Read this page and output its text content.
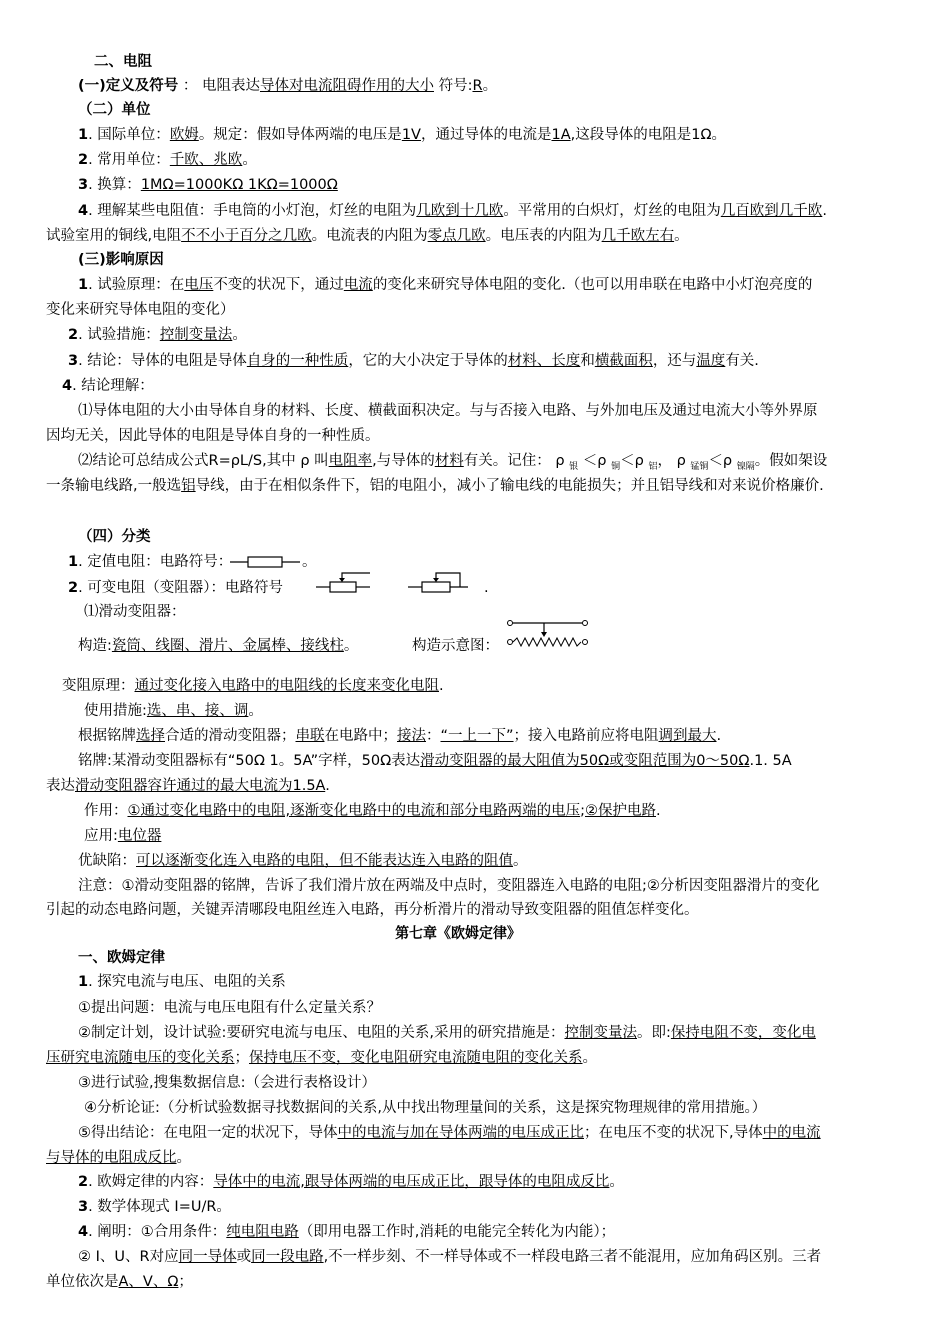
二、电阻
(一)定义及符号 ： 电阻表达导体对电流阻碍作用的大小 符号:R。
（二）单位
1. 国际单位：欧姆。规定：假如导体两端的电压是1V，通过导体的电流是1A,这段导体的电阻是1Ω。
2. 常用单位：千欧、兆欧。
3. 换算：1MΩ=1000KΩ 1KΩ=1000Ω
4. 理解某些电阻值：手电筒的小灯泡，灯丝的电阻为几欧到十几欧。平常用的白炽灯，灯丝的电阻为几百欧到几千欧.
试验室用的铜线,电阻不不小于百分之几欧。电流表的内阻为零点几欧。电压表的内阻为几千欧左右。
(三)影响原因
1. 试验原理：在电压不变的状况下，通过电流的变化来研究导体电阻的变化.（也可以用串联在电路中小灯泡亮度的
变化来研究导体电阻的变化）
2. 试验措施：控制变量法。
3. 结论：导体的电阻是导体自身的一种性质，它的大小决定于导体的材料、长度和横截面积，还与温度有关.
4. 结论理解：
⑴导体电阻的大小由导体自身的材料、长度、横截面积决定。与与否接入电路、与外加电压及通过电流大小等外界原
因均无关，因此导体的电阻是导体自身的一种性质。
⑵结论可总结成公式R=ρL/S,其中 ρ 叫电阻率,与导体的材料有关。记住： ρ $_银$ ＜ρ $_铜$＜ρ $_铝$， ρ $_{锰铜}$＜ρ $_{镍隔}$。假如架设
一条输电线路,一般选铝导线，由于在相似条件下，铝的电阻小，减小了输电线的电能损失；并且铝导线和对来说价格廉价.
（四）分类
1. 定值电阻：电路符号：	。
2. 可变电阻（变阻器）：电路符号	.
⑴滑动变阻器：
构造:瓷筒、线圈、滑片、金属棒、接线柱。	构造示意图：
变阻原理：通过变化接入电路中的电阻线的长度来变化电阻.
使用措施:选、串、接、调。
根据铭牌选择合适的滑动变阻器；串联在电路中；接法：“一上一下”；接入电路前应将电阻调到最大.
铭牌:某滑动变阻器标有“50Ω 1。5A”字样，50Ω表达滑动变阻器的最大阻值为50Ω或变阻范围为0～50Ω.1. 5A
表达滑动变阻器容许通过的最大电流为1.5A.
作用：①通过变化电路中的电阻,逐渐变化电路中的电流和部分电路两端的电压;②保护电路.
应用:电位器
优缺陷：可以逐渐变化连入电路的电阻，但不能表达连入电路的阻值。
注意：①滑动变阻器的铭牌，告诉了我们滑片放在两端及中点时，变阻器连入电路的电阻;②分析因变阻器滑片的变化
引起的动态电路问题，关键弄清哪段电阻丝连入电路，再分析滑片的滑动导致变阻器的阻值怎样变化。
第七章《欧姆定律》
一、欧姆定律
1. 探究电流与电压、电阻的关系
①提出问题：电流与电压电阻有什么定量关系？
②制定计划，设计试验:要研究电流与电压、电阻的关系,采用的研究措施是：控制变量法。即:保持电阻不变，变化电
压研究电流随电压的变化关系；保持电压不变，变化电阻研究电流随电阻的变化关系。
③进行试验,搜集数据信息:（会进行表格设计）
④分析论证:（分析试验数据寻找数据间的关系,从中找出物理量间的关系，这是探究物理规律的常用措施。）
⑤得出结论：在电阻一定的状况下，导体中的电流与加在导体两端的电压成正比；在电压不变的状况下,导体中的电流
与导体的电阻成反比。
2. 欧姆定律的内容：导体中的电流,跟导体两端的电压成正比，跟导体的电阻成反比。
3. 数学体现式 I=U/R。
4. 阐明：①合用条件：纯电阻电路（即用电器工作时,消耗的电能完全转化为内能）；
② I、U、R对应同一导体或同一段电路,不一样步刻、不一样导体或不一样段电路三者不能混用，应加角码区别。三者
单位依次是A、V、Ω；
